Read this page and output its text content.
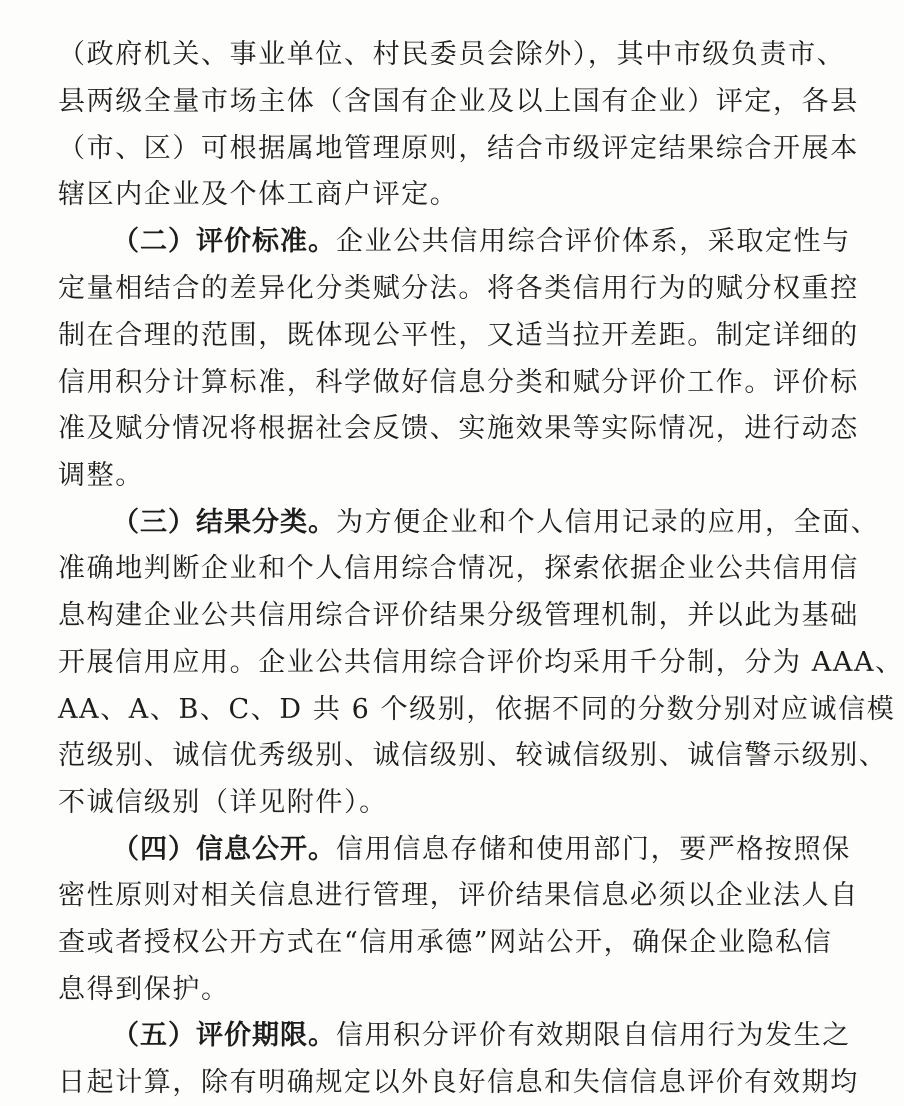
（政府机关、事业单位、村民委员会除外），其中市级负责市、
县两级全量市场主体（含国有企业及以上国有企业）评定，各县
（市、区）可根据属地管理原则，结合市级评定结果综合开展本
辖区内企业及个体工商户评定。
（二）评价标准。企业公共信用综合评价体系，采取定性与
定量相结合的差异化分类赋分法。将各类信用行为的赋分权重控
制在合理的范围，既体现公平性，又适当拉开差距。制定详细的
信用积分计算标准，科学做好信息分类和赋分评价工作。评价标
准及赋分情况将根据社会反馈、实施效果等实际情况，进行动态
调整。
（三）结果分类。为方便企业和个人信用记录的应用，全面、
准确地判断企业和个人信用综合情况，探索依据企业公共信用信
息构建企业公共信用综合评价结果分级管理机制，并以此为基础
开展信用应用。企业公共信用综合评价均采用千分制，分为 AAA、
AA、A、B、C、D 共 6 个级别，依据不同的分数分别对应诚信模
范级别、诚信优秀级别、诚信级别、较诚信级别、诚信警示级别、
不诚信级别（详见附件）。
（四）信息公开。信用信息存储和使用部门，要严格按照保
密性原则对相关信息进行管理，评价结果信息必须以企业法人自
查或者授权公开方式在“信用承德”网站公开，确保企业隐私信
息得到保护。
（五）评价期限。信用积分评价有效期限自信用行为发生之
日起计算，除有明确规定以外良好信息和失信信息评价有效期均
